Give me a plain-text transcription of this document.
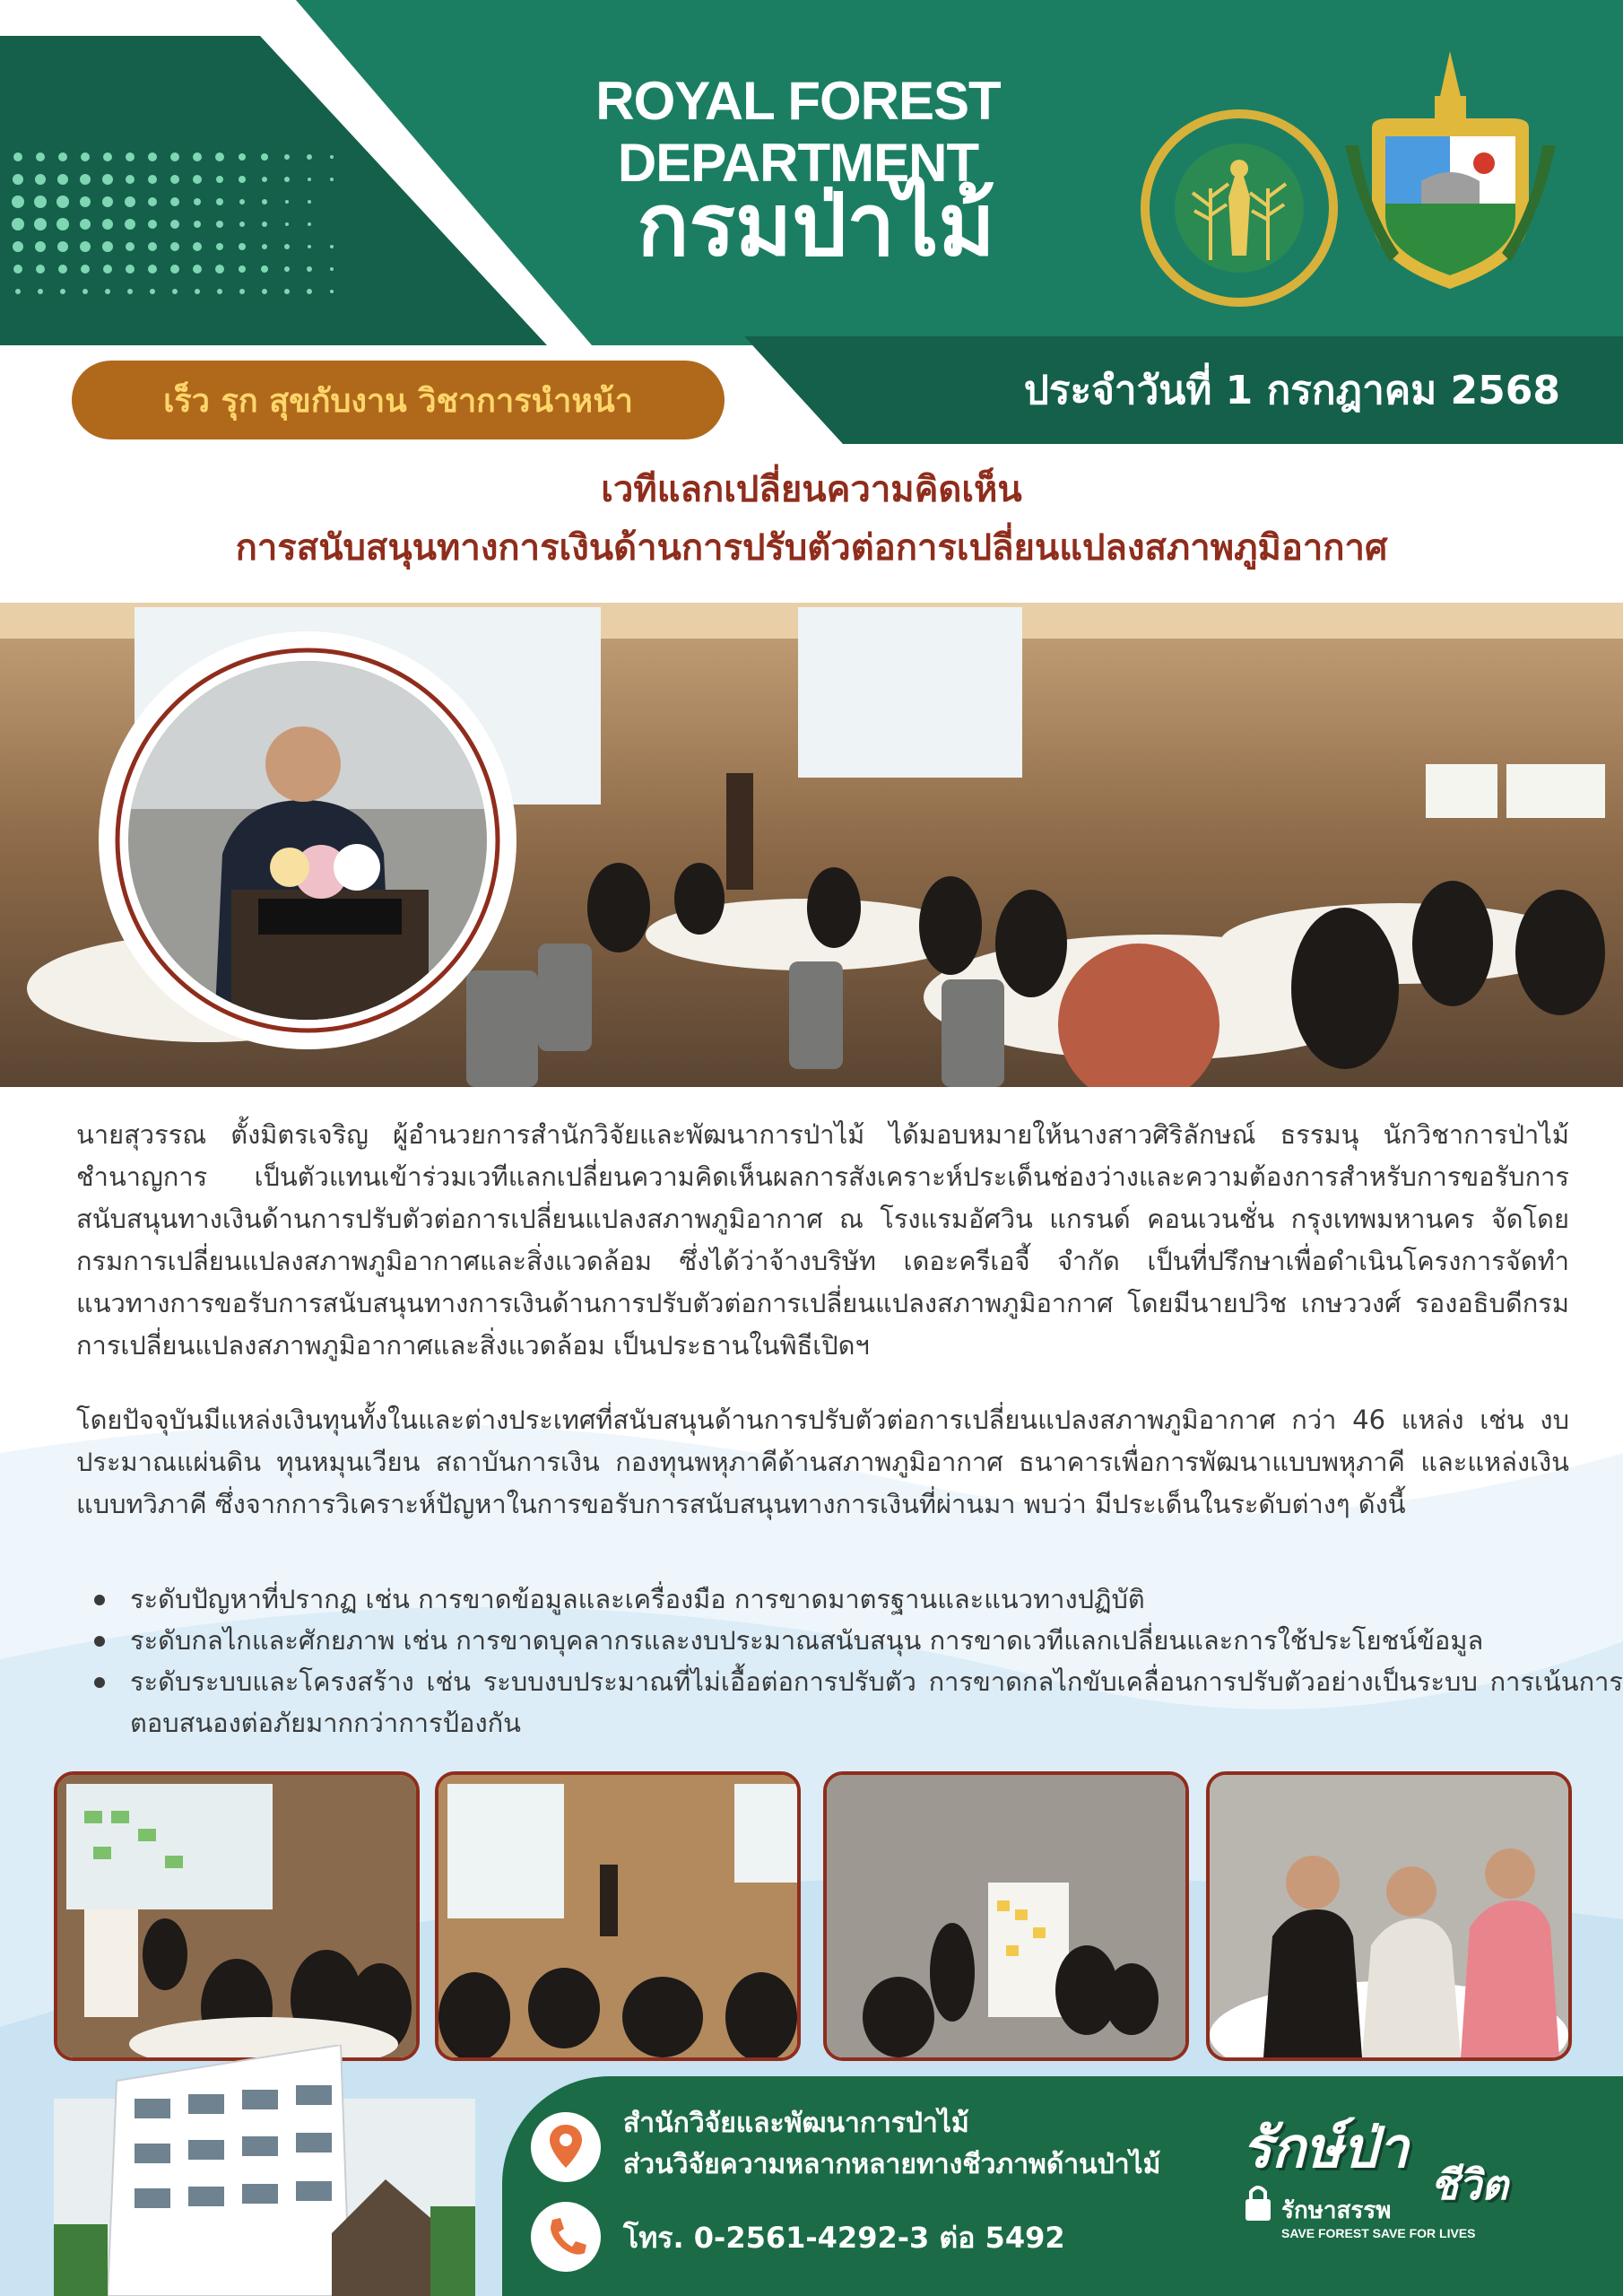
ROYAL FOREST DEPARTMENT
กรมป่าไม้
เร็ว รุก สุขกับงาน วิชาการนำหน้า	ประจำวันที่ 1 กรกฎาคม 2568
เวทีแลกเปลี่ยนความคิดเห็น
การสนับสนุนทางการเงินด้านการปรับตัวต่อการเปลี่ยนแปลงสภาพภูมิอากาศ
นายสุวรรณ ตั้งมิตรเจริญ ผู้อำนวยการสำนักวิจัยและพัฒนาการป่าไม้ ได้มอบหมายให้นางสาวศิริลักษณ์ ธรรมนุ นักวิชาการป่าไม้ชำนาญการ เป็นตัวแทนเข้าร่วมเวทีแลกเปลี่ยนความคิดเห็นผลการสังเคราะห์ประเด็นช่องว่างและความต้องการสำหรับการขอรับการสนับสนุนทางเงินด้านการปรับตัวต่อการเปลี่ยนแปลงสภาพภูมิอากาศ ณ โรงแรมอัศวิน แกรนด์ คอนเวนชั่น กรุงเทพมหานคร จัดโดย กรมการเปลี่ยนแปลงสภาพภูมิอากาศและสิ่งแวดล้อม ซึ่งได้ว่าจ้างบริษัท เดอะครีเอจี้ จำกัด เป็นที่ปรึกษาเพื่อดำเนินโครงการจัดทำแนวทางการขอรับการสนับสนุนทางการเงินด้านการปรับตัวต่อการเปลี่ยนแปลงสภาพภูมิอากาศ โดยมีนายปวิช เกษววงศ์ รองอธิบดีกรมการเปลี่ยนแปลงสภาพภูมิอากาศและสิ่งแวดล้อม เป็นประธานในพิธีเปิดฯ
โดยปัจจุบันมีแหล่งเงินทุนทั้งในและต่างประเทศที่สนับสนุนด้านการปรับตัวต่อการเปลี่ยนแปลงสภาพภูมิอากาศ กว่า 46 แหล่ง เช่น งบประมาณแผ่นดิน ทุนหมุนเวียน สถาบันการเงิน กองทุนพหุภาคีด้านสภาพภูมิอากาศ ธนาคารเพื่อการพัฒนาแบบพหุภาคี และแหล่งเงินแบบทวิภาคี ซึ่งจากการวิเคราะห์ปัญหาในการขอรับการสนับสนุนทางการเงินที่ผ่านมา พบว่า มีประเด็นในระดับต่างๆ ดังนี้
ระดับปัญหาที่ปรากฏ เช่น การขาดข้อมูลและเครื่องมือ การขาดมาตรฐานและแนวทางปฏิบัติ
ระดับกลไกและศักยภาพ เช่น การขาดบุคลากรและงบประมาณสนับสนุน การขาดเวทีแลกเปลี่ยนและการใช้ประโยชน์ข้อมูล
ระดับระบบและโครงสร้าง เช่น ระบบงบประมาณที่ไม่เอื้อต่อการปรับตัว การขาดกลไกขับเคลื่อนการปรับตัวอย่างเป็นระบบ การเน้นการตอบสนองต่อภัยมากกว่าการป้องกัน
สำนักวิจัยและพัฒนาการป่าไม้
ส่วนวิจัยความหลากหลายทางชีวภาพด้านป่าไม้
โทร. 0-2561-4292-3 ต่อ 5492
รักษ์ป่า
ชีวิต
รักษาสรรพ
SAVE FOREST SAVE FOR LIVES
